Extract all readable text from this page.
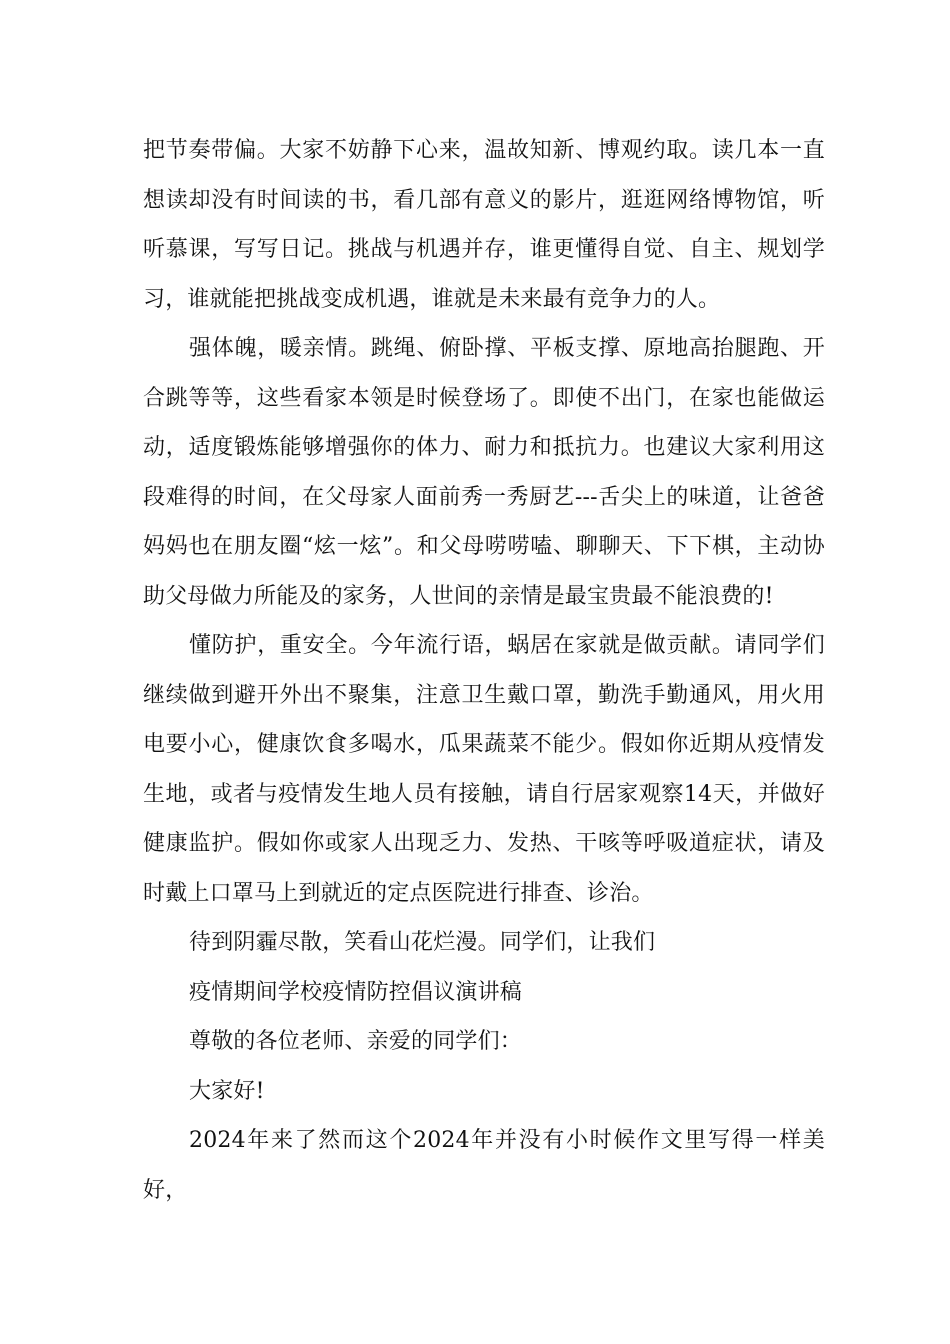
把节奏带偏。大家不妨静下心来，温故知新、博观约取。读几本一直想读却没有时间读的书，看几部有意义的影片，逛逛网络博物馆，听听慕课，写写日记。挑战与机遇并存，谁更懂得自觉、自主、规划学习，谁就能把挑战变成机遇，谁就是未来最有竞争力的人。

强体魄，暖亲情。跳绳、俯卧撑、平板支撑、原地高抬腿跑、开合跳等等，这些看家本领是时候登场了。即使不出门，在家也能做运动，适度锻炼能够增强你的体力、耐力和抵抗力。也建议大家利用这段难得的时间，在父母家人面前秀一秀厨艺---舌尖上的味道，让爸爸妈妈也在朋友圈“炫一炫”。和父母唠唠嗑、聊聊天、下下棋，主动协助父母做力所能及的家务，人世间的亲情是最宝贵最不能浪费的!

懂防护，重安全。今年流行语，蜗居在家就是做贡献。请同学们继续做到避开外出不聚集，注意卫生戴口罩，勤洗手勤通风，用火用电要小心，健康饮食多喝水，瓜果蔬菜不能少。假如你近期从疫情发生地，或者与疫情发生地人员有接触，请自行居家观察14天，并做好健康监护。假如你或家人出现乏力、发热、干咳等呼吸道症状，请及时戴上口罩马上到就近的定点医院进行排查、诊治。

待到阴霾尽散，笑看山花烂漫。同学们，让我们

疫情期间学校疫情防控倡议演讲稿

尊敬的各位老师、亲爱的同学们：

大家好!

2024年来了然而这个2024年并没有小时候作文里写得一样美好，
